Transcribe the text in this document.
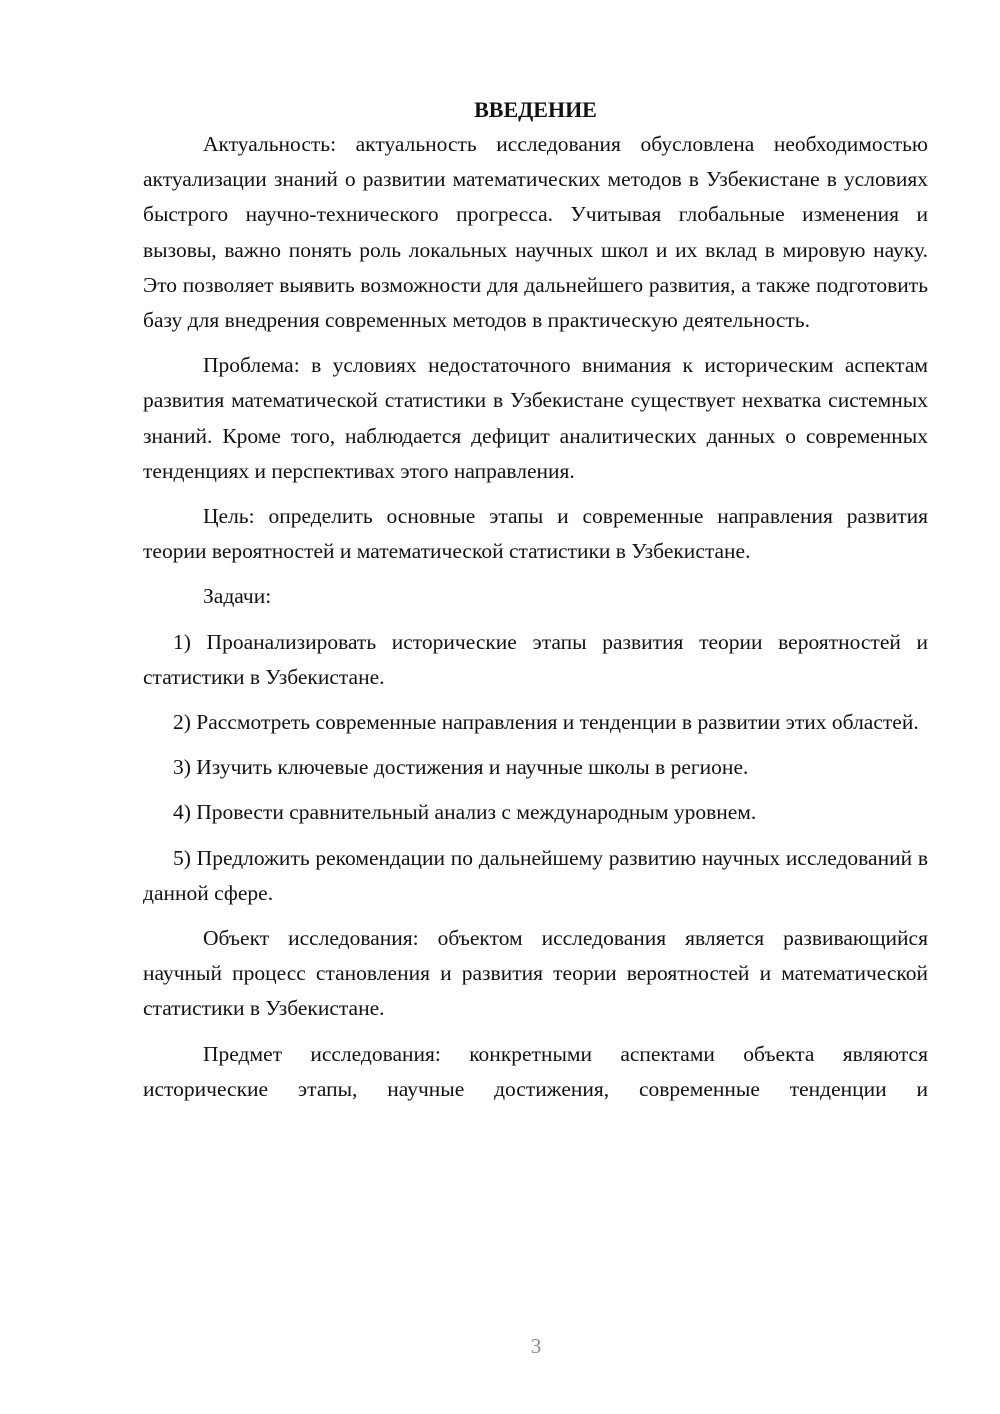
ВВЕДЕНИЕ

Актуальность: актуальность исследования обусловлена необходимостью актуализации знаний о развитии математических методов в Узбекистане в условиях быстрого научно-технического прогресса. Учитывая глобальные изменения и вызовы, важно понять роль локальных научных школ и их вклад в мировую науку. Это позволяет выявить возможности для дальнейшего развития, а также подготовить базу для внедрения современных методов в практическую деятельность.

Проблема: в условиях недостаточного внимания к историческим аспектам развития математической статистики в Узбекистане существует нехватка системных знаний. Кроме того, наблюдается дефицит аналитических данных о современных тенденциях и перспективах этого направления.

Цель: определить основные этапы и современные направления развития теории вероятностей и математической статистики в Узбекистане.

Задачи:

1) Проанализировать исторические этапы развития теории вероятностей и статистики в Узбекистане.

2) Рассмотреть современные направления и тенденции в развитии этих областей.

3) Изучить ключевые достижения и научные школы в регионе.

4) Провести сравнительный анализ с международным уровнем.

5) Предложить рекомендации по дальнейшему развитию научных исследований в данной сфере.

Объект исследования: объектом исследования является развивающийся научный процесс становления и развития теории вероятностей и математической статистики в Узбекистане.

Предмет исследования: конкретными аспектами объекта являются исторические этапы, научные достижения, современные тенденции и

3
